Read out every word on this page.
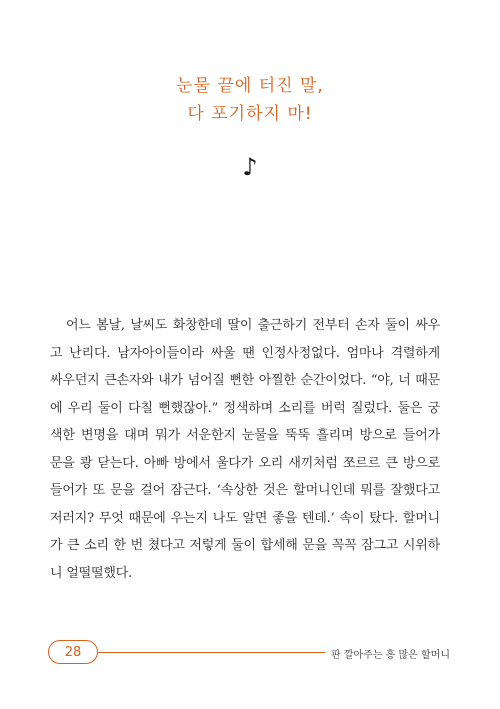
눈물 끝에 터진 말,
다 포기하지 마!
♪
어느 봄날, 날씨도 화창한데 딸이 출근하기 전부터 손자 둘이 싸우
고 난리다. 남자아이들이라 싸울 땐 인정사정없다. 엄마나 격렬하게
싸우던지 큰손자와 내가 넘어질 뻔한 아찔한 순간이었다. “야, 너 때문
에 우리 둘이 다칠 뻔했잖아.” 정색하며 소리를 버럭 질렀다. 둘은 궁
색한 변명을 대며 뭐가 서운한지 눈물을 뚝뚝 흘리며 방으로 들어가
문을 쾅 닫는다. 아빠 방에서 울다가 오리 새끼처럼 쪼르르 큰 방으로
들어가 또 문을 걸어 잠근다. ‘속상한 것은 할머니인데 뭐를 잘했다고
저러지? 무엇 때문에 우는지 나도 알면 좋을 텐데.’ 속이 탔다. 할머니
가 큰 소리 한 번 쳤다고 저렇게 둘이 합세해 문을 꼭꼭 잠그고 시위하
니 얼떨떨했다.
28	판 깔아주는 흥 많은 할머니
